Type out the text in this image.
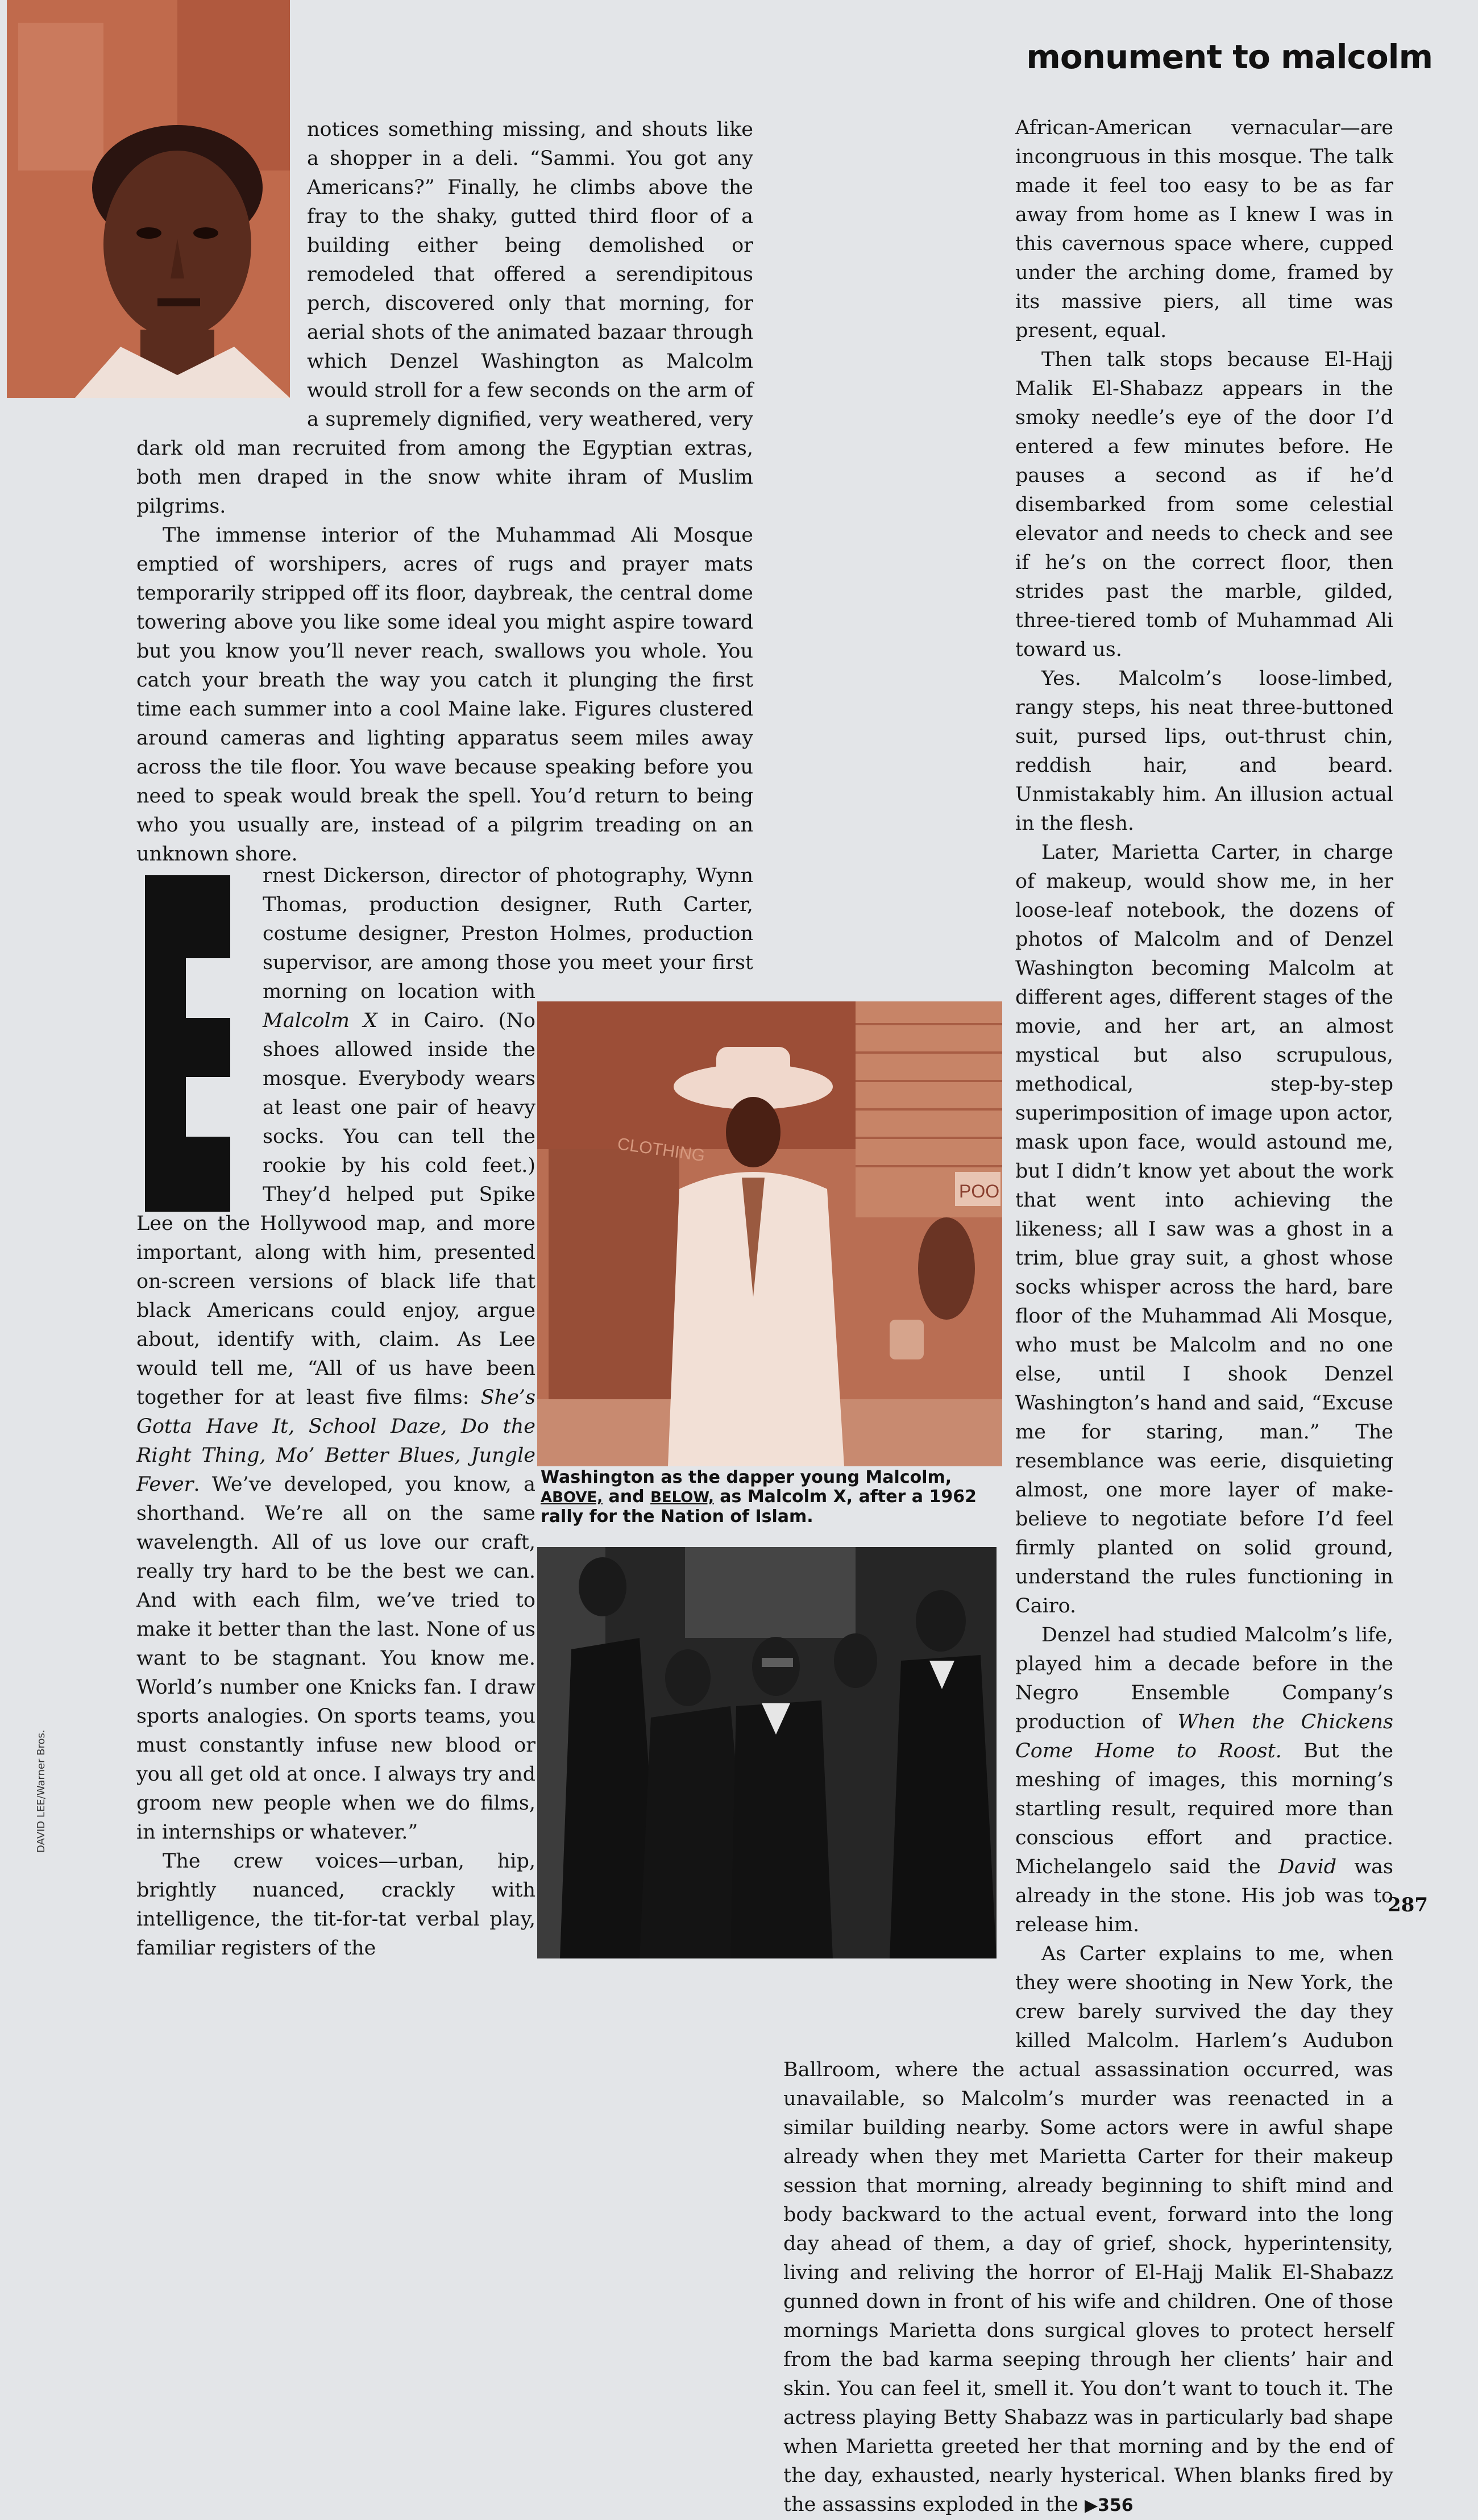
monument to malcolm

notices something missing, and shouts like a shopper in a deli. “Sammi. You got any Americans?” Finally, he climbs above the fray to the shaky, gutted third floor of a building either being demolished or remodeled that offered a serendipitous perch, discovered only that morning, for aerial shots of the animated bazaar through which Denzel Washington as Malcolm would stroll for a few seconds on the arm of a supremely dignified, very weathered, very dark old man recruited from among the Egyptian extras, both men draped in the snow white ihram of Muslim pilgrims.

The immense interior of the Muhammad Ali Mosque emptied of worshipers, acres of rugs and prayer mats temporarily stripped off its floor, daybreak, the central dome towering above you like some ideal you might aspire toward but you know you’ll never reach, swallows you whole. You catch your breath the way you catch it plunging the first time each summer into a cool Maine lake. Figures clustered around cameras and lighting apparatus seem miles away across the tile floor. You wave because speaking before you need to speak would break the spell. You’d return to being who you usually are, instead of a pilgrim treading on an unknown shore.

E	rnest Dickerson, director of photography, Wynn Thomas, production designer, Ruth Carter, costume designer, Preston Holmes, production supervisor, are among those you meet your first morning on location with Malcolm X in Cairo. (No shoes allowed inside the mosque. Everybody wears at least one pair of heavy socks. You can tell the rookie by his cold feet.) They’d helped put Spike Lee on the Hollywood map, and more important, along with him, presented on-screen versions of black life that black Americans could enjoy, argue about, identify with, claim. As Lee would tell me, “All of us have been together for at least five films: She’s Gotta Have It, School Daze, Do the Right Thing, Mo’ Better Blues, Jungle Fever. We’ve developed, you know, a shorthand. We’re all on the same wavelength. All of us love our craft, really try hard to be the best we can. And with each film, we’ve tried to make it better than the last. None of us want to be stagnant. You know me. World’s number one Knicks fan. I draw sports analogies. On sports teams, you must constantly infuse new blood or you all get old at once. I always try and groom new people when we do films, in internships or whatever.”

The crew voices—urban, hip, brightly nuanced, crackly with intelligence, the tit-for-tat verbal play, familiar registers of the

African-American vernacular—are incongruous in this mosque. The talk made it feel too easy to be as far away from home as I knew I was in this cavernous space where, cupped under the arching dome, framed by its massive piers, all time was present, equal.

Then talk stops because El-Hajj Malik El-Shabazz appears in the smoky needle’s eye of the door I’d entered a few minutes before. He pauses a second as if he’d disembarked from some celestial elevator and needs to check and see if he’s on the correct floor, then strides past the marble, gilded, three-tiered tomb of Muhammad Ali toward us.

Yes. Malcolm’s loose-limbed, rangy steps, his neat three-buttoned suit, pursed lips, out-thrust chin, reddish hair, and beard. Unmistakably him. An illusion actual in the flesh.

Later, Marietta Carter, in charge of makeup, would show me, in her loose-leaf notebook, the dozens of photos of Malcolm and of Denzel Washington becoming Malcolm at different ages, different stages of the movie, and her art, an almost mystical but also scrupulous, methodical, step-by-step superimposition of image upon actor, mask upon face, would astound me, but I didn’t know yet about the work that went into achieving the likeness; all I saw was a ghost in a trim, blue gray suit, a ghost whose socks whisper across the hard, bare floor of the Muhammad Ali Mosque, who must be Malcolm and no one else, until I shook Denzel Washington’s hand and said, “Excuse me for staring, man.” The resemblance was eerie, disquieting almost, one more layer of make-believe to negotiate before I’d feel firmly planted on solid ground, understand the rules functioning in Cairo.

Denzel had studied Malcolm’s life, played him a decade before in the Negro Ensemble Company’s production of When the Chickens Come Home to Roost. But the meshing of images, this morning’s startling result, required more than conscious effort and practice. Michelangelo said the David was already in the stone. His job was to release him.

As Carter explains to me, when they were shooting in New York, the crew barely survived the day they killed Malcolm. Harlem’s Audubon Ballroom, where the actual assassination occurred, was unavailable, so Malcolm’s murder was reenacted in a similar building nearby. Some actors were in awful shape already when they met Marietta Carter for their makeup session that morning, already beginning to shift mind and body backward to the actual event, forward into the long day ahead of them, a day of grief, shock, hyperintensity, living and reliving the horror of El-Hajj Malik El-Shabazz gunned down in front of his wife and children. One of those mornings Marietta dons surgical gloves to protect herself from the bad karma seeping through her clients’ hair and skin. You can feel it, smell it. You don’t want to touch it. The actress playing Betty Shabazz was in particularly bad shape when Marietta greeted her that morning and by the end of the day, exhausted, nearly hysterical. When blanks fired by the assassins exploded in the ▶356

CLOTHING
POO
Washington as the dapper young Malcolm, ABOVE, and BELOW, as Malcolm X, after a 1962 rally for the Nation of Islam.
DAVID LEE/Warner Bros.
287
